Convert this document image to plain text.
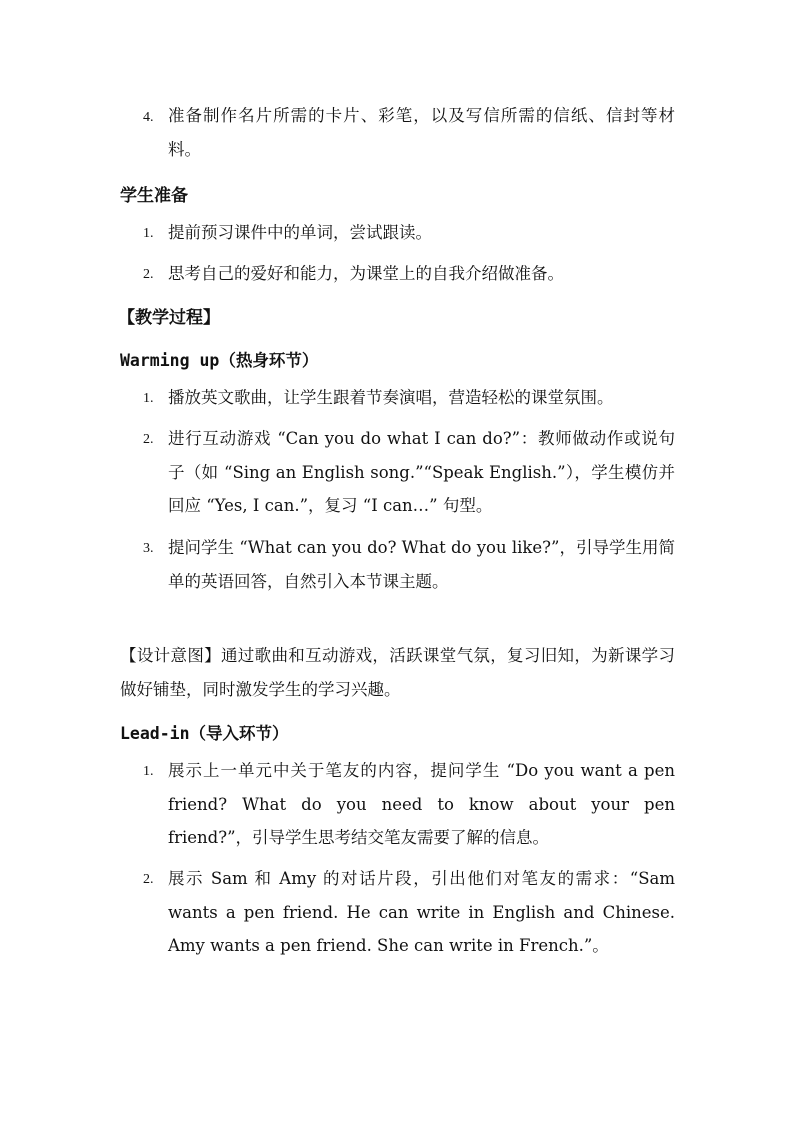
4. 准备制作名片所需的卡片、彩笔，以及写信所需的信纸、信封等材料。
学生准备
1. 提前预习课件中的单词，尝试跟读。
2. 思考自己的爱好和能力，为课堂上的自我介绍做准备。
【教学过程】
Warming up（热身环节）
1. 播放英文歌曲，让学生跟着节奏演唱，营造轻松的课堂氛围。
2. 进行互动游戏 “Can you do what I can do?”：教师做动作或说句子（如 “Sing an English song.”“Speak English.”），学生模仿并回应 “Yes, I can.”，复习 “I can…” 句型。
3. 提问学生 “What can you do? What do you like?”，引导学生用简单的英语回答，自然引入本节课主题。
【设计意图】通过歌曲和互动游戏，活跃课堂气氛，复习旧知，为新课学习做好铺垫，同时激发学生的学习兴趣。
Lead-in（导入环节）
1. 展示上一单元中关于笔友的内容，提问学生 “Do you want a pen friend? What do you need to know about your pen friend?”，引导学生思考结交笔友需要了解的信息。
2. 展示 Sam 和 Amy 的对话片段，引出他们对笔友的需求：“Sam wants a pen friend. He can write in English and Chinese. Amy wants a pen friend. She can write in French.”。
